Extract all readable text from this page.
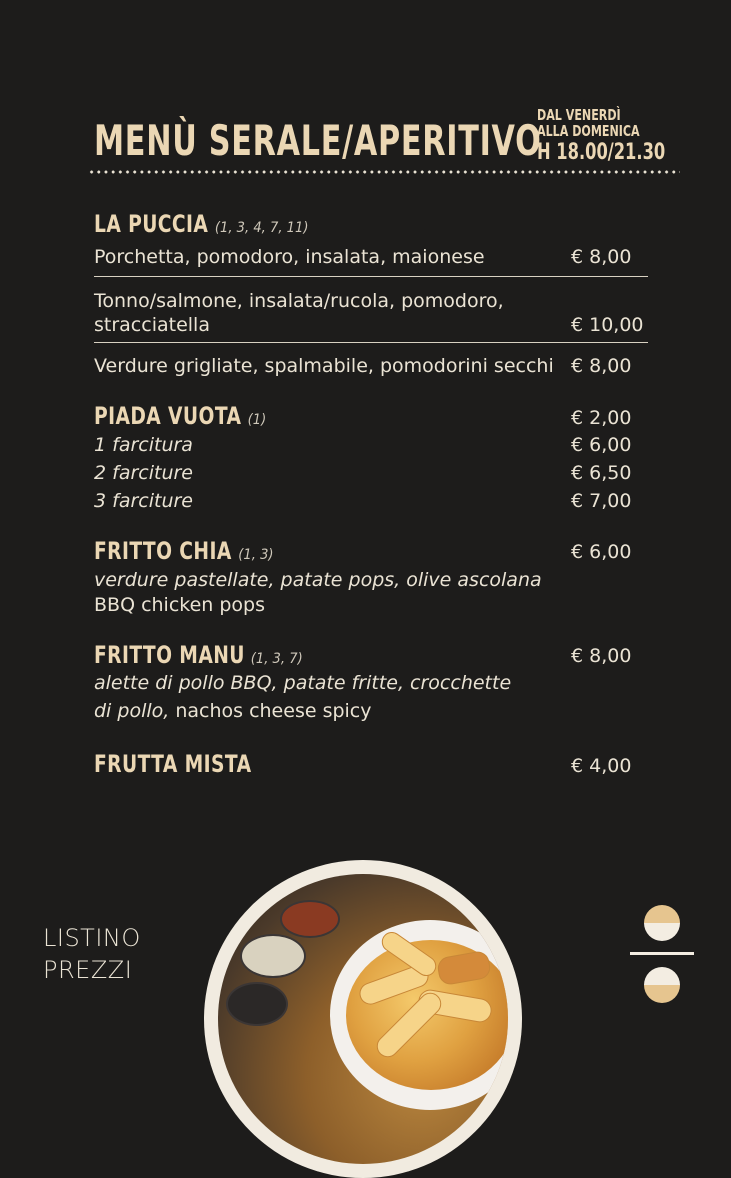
MENÙ SERALE/APERITIVO
DAL VENERDÌ
ALLA DOMENICA
H 18.00/21.30
LA PUCCIA (1, 3, 4, 7, 11)
Porchetta, pomodoro, insalata, maionese	€ 8,00
Tonno/salmone, insalata/rucola, pomodoro,
stracciatella	€ 10,00
Verdure grigliate, spalmabile, pomodorini secchi € 8,00
PIADA VUOTA (1)	€ 2,00
1 farcitura	€ 6,00
2 farciture	€ 6,50
3 farciture	€ 7,00
FRITTO CHIA (1, 3)	€ 6,00
verdure pastellate, patate pops, olive ascolana
BBQ chicken pops
FRITTO MANU (1, 3, 7)	€ 8,00
alette di pollo BBQ, patate fritte, crocchette
di pollo, nachos cheese spicy
FRUTTA MISTA	€ 4,00
LISTINO
PREZZI
